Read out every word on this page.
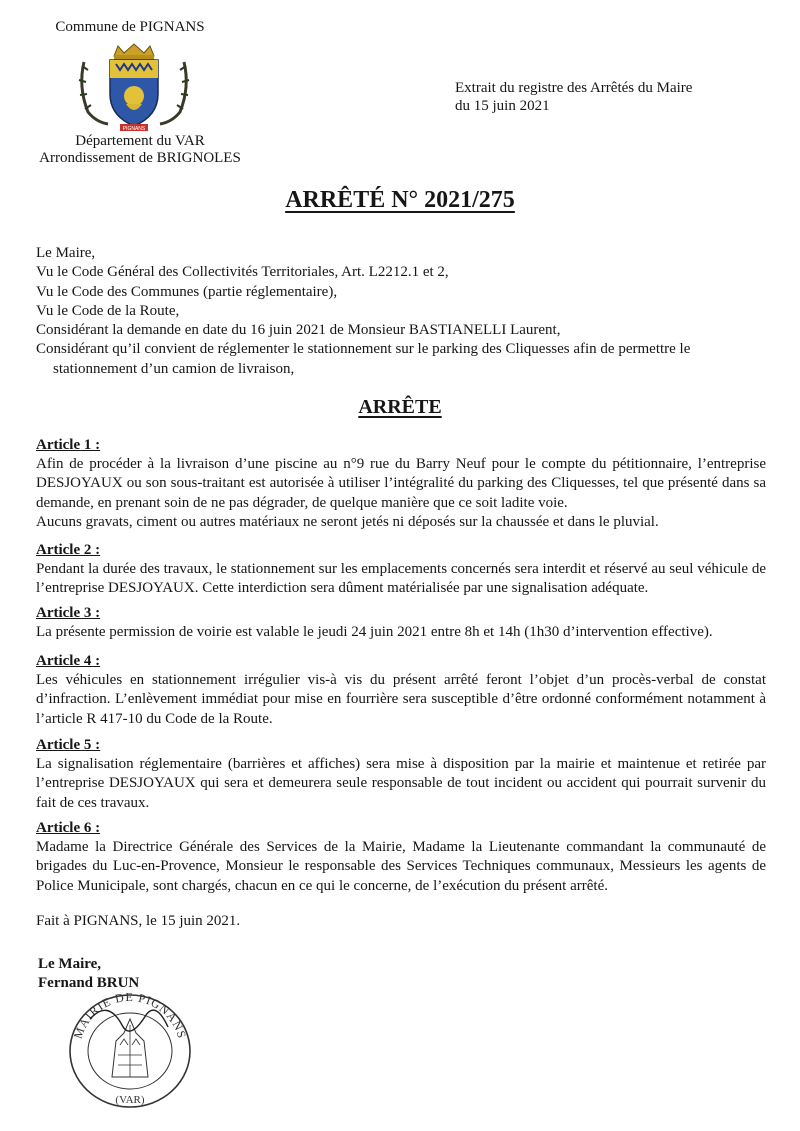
Commune de PIGNANS
PIGNANS
Département du VAR
Arrondissement de BRIGNOLES
Extrait du registre des Arrêtés du Maire
du 15 juin 2021
ARRÊTÉ N° 2021/275
Le Maire,
Vu le Code Général des Collectivités Territoriales, Art. L2212.1 et 2,
Vu le Code des Communes (partie réglementaire),
Vu le Code de la Route,
Considérant la demande en date du 16 juin 2021 de Monsieur BASTIANELLI Laurent,
Considérant qu’il convient de réglementer le stationnement sur le parking des Cliquesses afin de permettre le
stationnement d’un camion de livraison,
ARRÊTE
Article 1 :
Afin de procéder à la livraison d’une piscine au n°9 rue du Barry Neuf pour le compte du pétitionnaire, l’entreprise DESJOYAUX ou son sous-traitant est autorisée à utiliser l’intégralité du parking des Cliquesses, tel que présenté dans sa demande, en prenant soin de ne pas dégrader, de quelque manière que ce soit ladite voie.
Aucuns gravats, ciment ou autres matériaux ne seront jetés ni déposés sur la chaussée et dans le pluvial.
Article 2 :
Pendant la durée des travaux, le stationnement sur les emplacements concernés sera interdit et réservé au seul véhicule de l’entreprise DESJOYAUX. Cette interdiction sera dûment matérialisée par une signalisation adéquate.
Article 3 :
La présente permission de voirie est valable le jeudi 24 juin 2021 entre 8h et 14h (1h30 d’intervention effective).
Article 4 :
Les véhicules en stationnement irrégulier vis-à vis du présent arrêté feront l’objet d’un procès-verbal de constat d’infraction. L’enlèvement immédiat pour mise en fourrière sera susceptible d’être ordonné conformément notamment à l’article R 417-10 du Code de la Route.
Article 5 :
La signalisation réglementaire (barrières et affiches) sera mise à disposition par la mairie et maintenue et retirée par l’entreprise DESJOYAUX qui sera et demeurera seule responsable de tout incident ou accident qui pourrait survenir du fait de ces travaux.
Article 6 :
Madame la Directrice Générale des Services de la Mairie, Madame la Lieutenante commandant la communauté de brigades du Luc-en-Provence, Monsieur le responsable des Services Techniques communaux, Messieurs les agents de Police Municipale, sont chargés, chacun en ce qui le concerne, de l’exécution du présent arrêté.
Fait à PIGNANS, le 15 juin 2021.
Le Maire,
Fernand BRUN
MAIRIE DE PIGNANS
(VAR)
